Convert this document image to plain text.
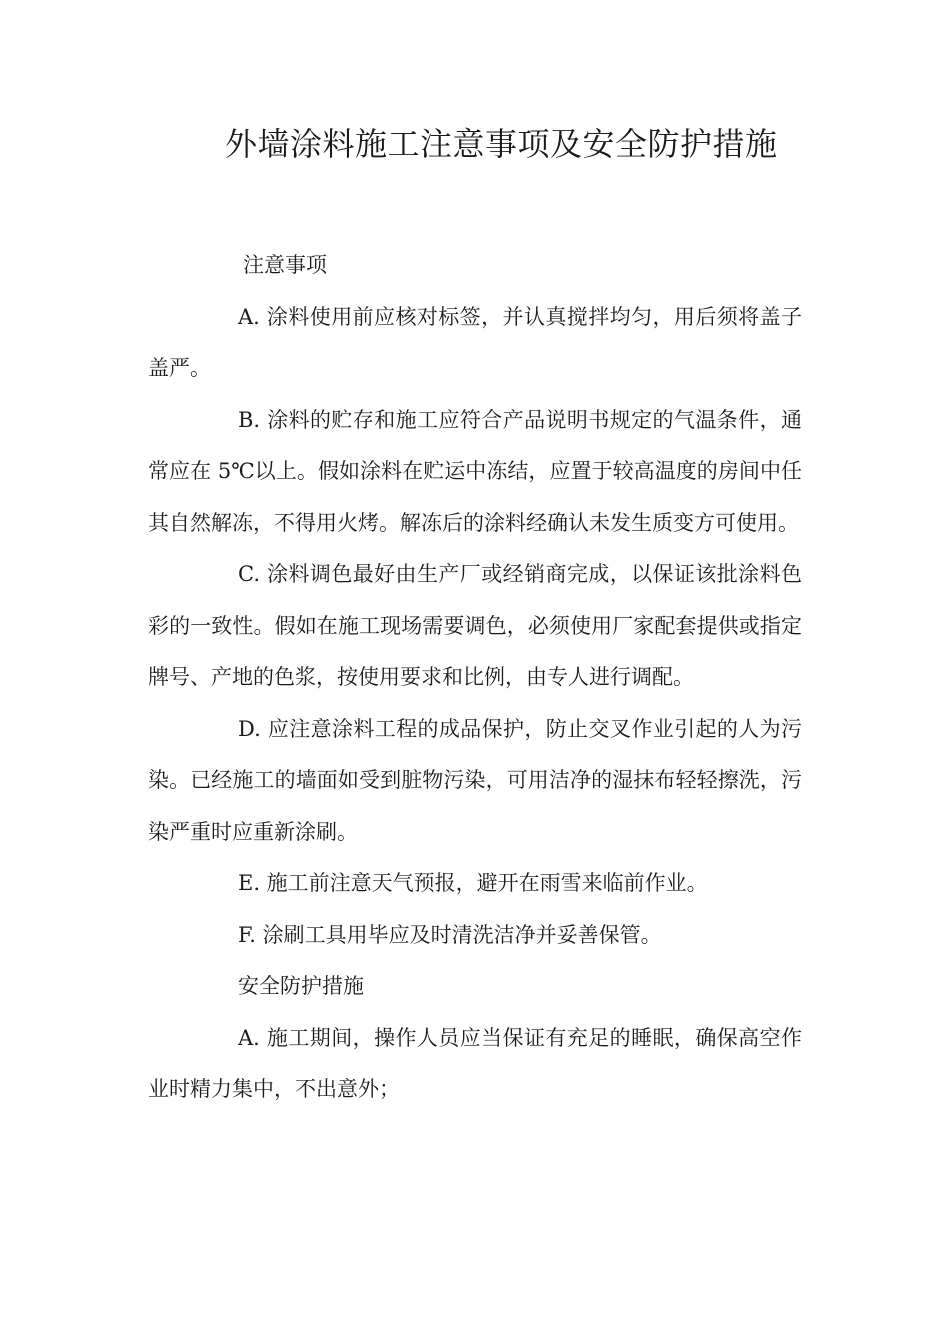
外墙涂料施工注意事项及安全防护措施

注意事项

A. 涂料使用前应核对标签，并认真搅拌均匀，用后须将盖子盖严。

B. 涂料的贮存和施工应符合产品说明书规定的气温条件，通常应在 5℃以上。假如涂料在贮运中冻结，应置于较高温度的房间中任其自然解冻，不得用火烤。解冻后的涂料经确认未发生质变方可使用。

C. 涂料调色最好由生产厂或经销商完成，以保证该批涂料色彩的一致性。假如在施工现场需要调色，必须使用厂家配套提供或指定牌号、产地的色浆，按使用要求和比例，由专人进行调配。

D. 应注意涂料工程的成品保护，防止交叉作业引起的人为污染。已经施工的墙面如受到脏物污染，可用洁净的湿抹布轻轻擦洗，污染严重时应重新涂刷。

E. 施工前注意天气预报，避开在雨雪来临前作业。

F. 涂刷工具用毕应及时清洗洁净并妥善保管。

安全防护措施

A. 施工期间，操作人员应当保证有充足的睡眠，确保高空作业时精力集中，不出意外；
